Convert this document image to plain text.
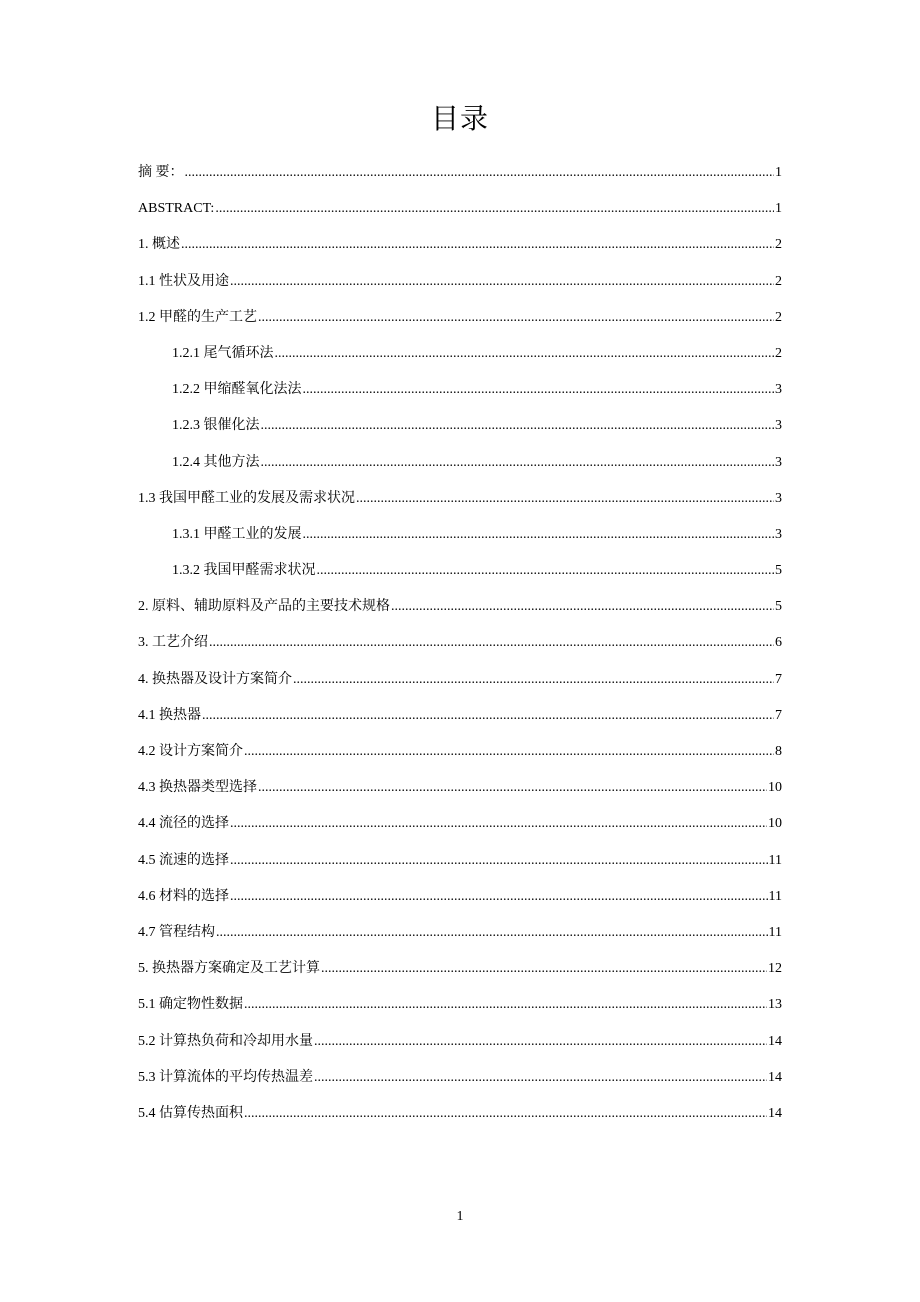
目录
摘 要： .....	1
ABSTRACT: .....	1
1. 概述 .....	2
1.1 性状及用途 .....	2
1.2 甲醛的生产工艺 .....	2
1.2.1 尾气循环法 .....	2
1.2.2 甲缩醛氧化法法 .....	3
1.2.3 银催化法 .....	3
1.2.4 其他方法 .....	3
1.3 我国甲醛工业的发展及需求状况 .....	3
1.3.1 甲醛工业的发展 .....	3
1.3.2 我国甲醛需求状况 .....	5
2. 原料、辅助原料及产品的主要技术规格 .....	5
3. 工艺介绍 .....	6
4. 换热器及设计方案简介 .....	7
4.1 换热器 .....	7
4.2 设计方案简介 .....	8
4.3 换热器类型选择 .....	10
4.4 流径的选择 .....	10
4.5 流速的选择 .....	11
4.6 材料的选择 .....	11
4.7 管程结构 .....	11
5. 换热器方案确定及工艺计算 .....	12
5.1 确定物性数据 .....	13
5.2 计算热负荷和冷却用水量 .....	14
5.3 计算流体的平均传热温差 .....	14
5.4 估算传热面积 .....	14
1
